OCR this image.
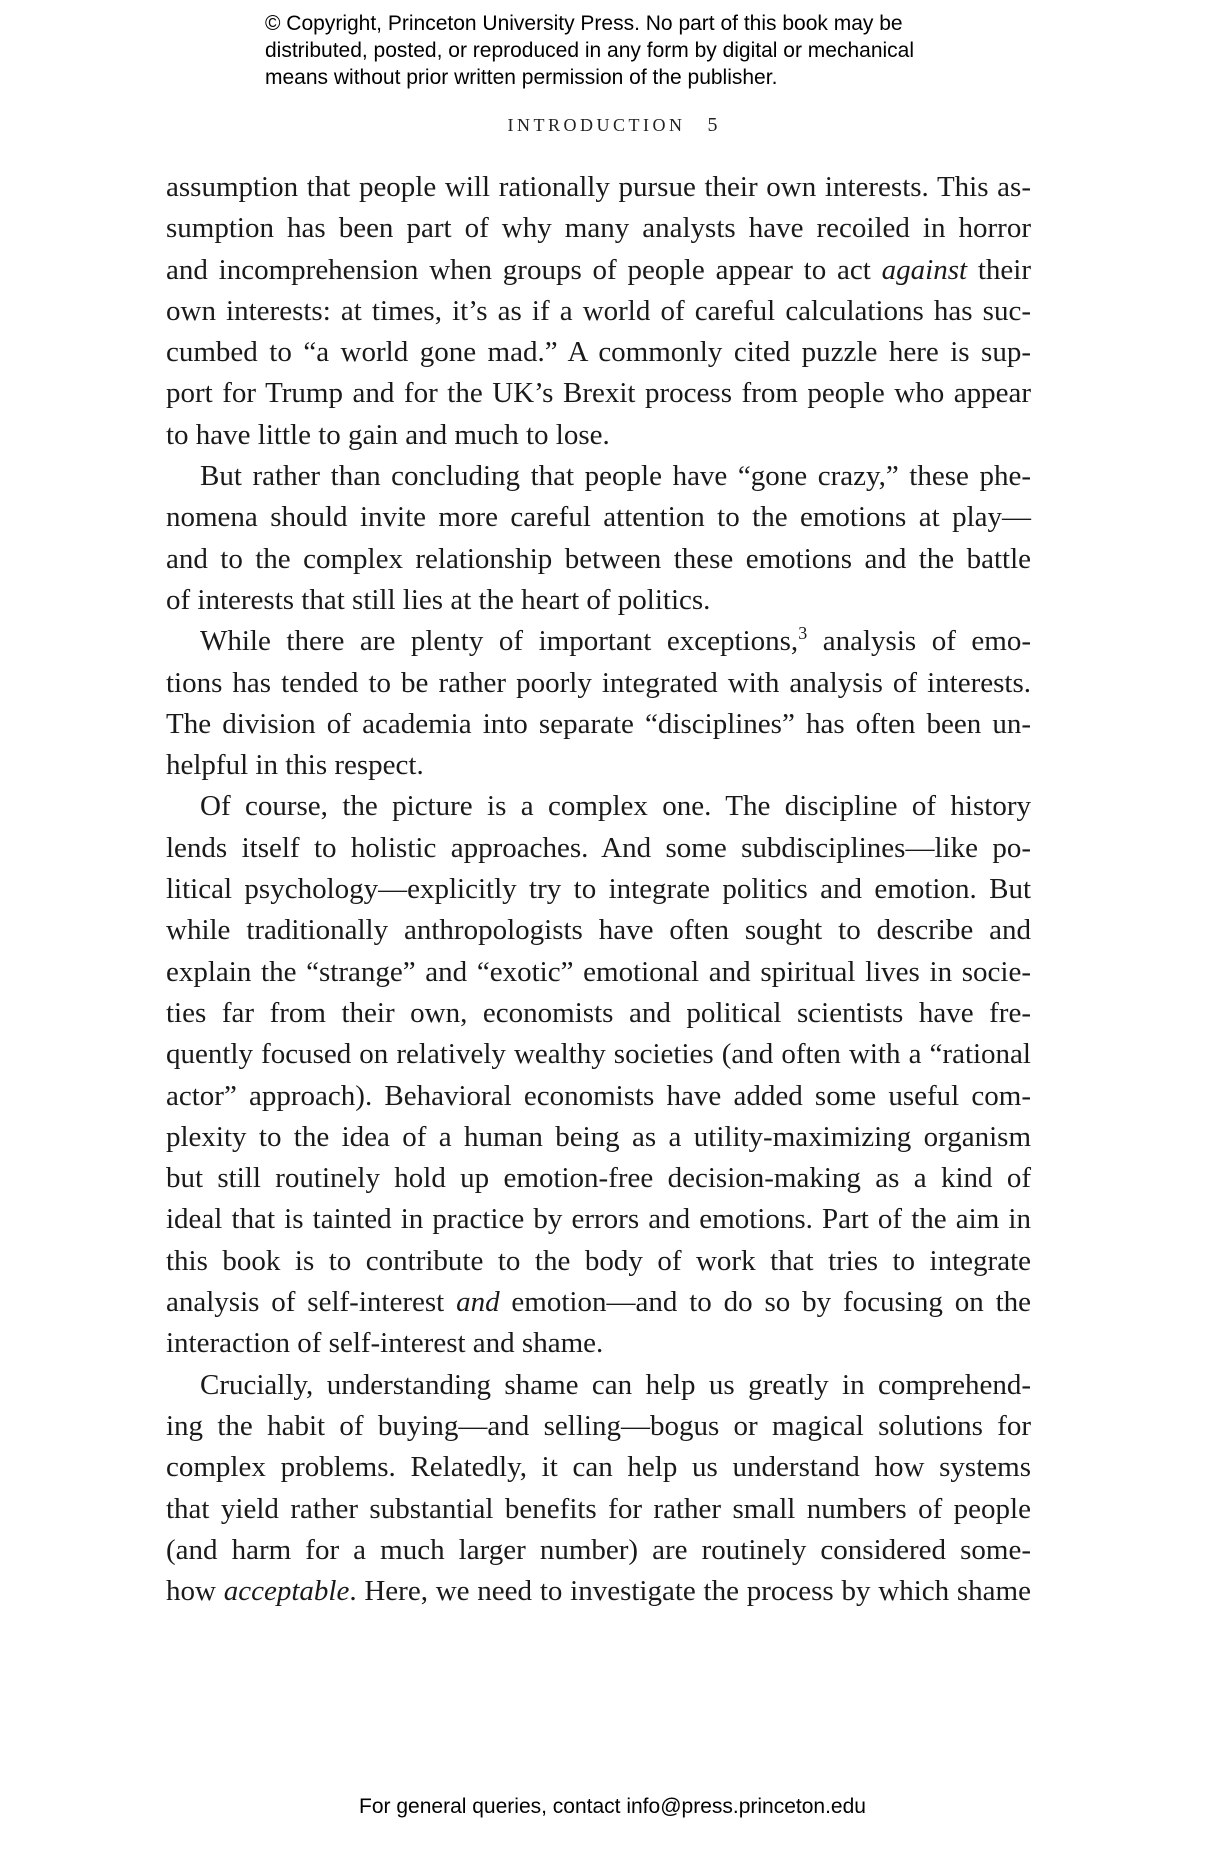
© Copyright, Princeton University Press. No part of this book may be
distributed, posted, or reproduced in any form by digital or mechanical
means without prior written permission of the publisher.
INTRODUCTION 5
assumption that people will rationally pursue their own interests. This as-
sumption has been part of why many analysts have recoiled in horror
and incomprehension when groups of people appear to act against their
own interests: at times, it’s as if a world of careful calculations has suc-
cumbed to “a world gone mad.” A commonly cited puzzle here is sup-
port for Trump and for the UK’s Brexit process from people who appear
to have little to gain and much to lose.
But rather than concluding that people have “gone crazy,” these phe-
nomena should invite more careful attention to the emotions at play—
and to the complex relationship between these emotions and the battle
of interests that still lies at the heart of politics.
While there are plenty of important exceptions,$^3$ analysis of emo-
tions has tended to be rather poorly integrated with analysis of interests.
The division of academia into separate “disciplines” has often been un-
helpful in this respect.
Of course, the picture is a complex one. The discipline of history
lends itself to holistic approaches. And some subdisciplines—like po-
litical psychology—explicitly try to integrate politics and emotion. But
while traditionally anthropologists have often sought to describe and
explain the “strange” and “exotic” emotional and spiritual lives in socie-
ties far from their own, economists and political scientists have fre-
quently focused on relatively wealthy societies (and often with a “rational
actor” approach). Behavioral economists have added some useful com-
plexity to the idea of a human being as a utility-maximizing organism
but still routinely hold up emotion-free decision-making as a kind of
ideal that is tainted in practice by errors and emotions. Part of the aim in
this book is to contribute to the body of work that tries to integrate
analysis of self-interest and emotion—and to do so by focusing on the
interaction of self-interest and shame.
Crucially, understanding shame can help us greatly in comprehend-
ing the habit of buying—and selling—bogus or magical solutions for
complex problems. Relatedly, it can help us understand how systems
that yield rather substantial benefits for rather small numbers of people
(and harm for a much larger number) are routinely considered some-
how acceptable. Here, we need to investigate the process by which shame
For general queries, contact info@press.princeton.edu
